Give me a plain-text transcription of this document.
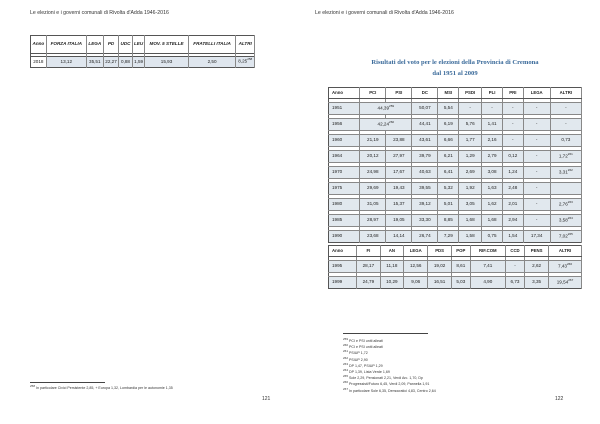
Le elezioni e i governi comunali di Rivolta d'Adda 1946-2016
Anno	FORZA ITALIA	LEGA	PD	UDC	LEU	MOV. 5 STELLE	FRATELLI ITALIA	ALTRI

2018	13,12	35,51	22,27	0,88	1,59	15,93	2,50	8,25$^{258}$
$^{258}$ In particolare Civici Persistente 2,85, + Europa 1,32, Lombardia per le autonomie 1,35
121
Le elezioni e i governi comunali di Rivolta d'Adda 1946-2016
Risultati del voto per le elezioni della Provincia di Cremona
dal 1951 al 2009
Anno	PCI	PSI	DC	MSI	PSDI	PLI	PRI	LEGA	ALTRI

1951	44,39$^{259}$		50,07	5,54	-	-	-	-	-

1956	42,24$^{260}$		44,41	6,19	5,76	1,41	-	-	-

1960	21,19	23,88	43,61	6,66	1,77	2,16	-	-	0,73

1964	20,12	27,97	39,79	6,21	1,29	2,79	0,12	-	1,72$^{261}$

1970	24,98	17,67	40,63	6,41	2,69	3,08	1,24	-	3,31$^{262}$

1975	29,69	19,43	39,55	5,32	1,92	1,63	2,48	-	

1980	31,05	15,37	39,12	5,01	3,05	1,62	2,01	-	2,76$^{263}$

1985	28,97	19,05	33,30	8,85	1,68	1,68	2,94	-	3,58$^{264}$

1990	23,68	14,14	26,74	7,29	1,58	0,75	1,54	17,34	7,02$^{265}$
Anno	FI	AN	LEGA	PDS	POP	RIF.COM	CCD	PENS	ALTRI

1995	28,17	11,18	12,56	19,02	8,61	7,41	-	2,62	7,43$^{266}$

1999	24,79	10,29	9,06	16,51	5,03	4,90	6,73	3,35	19,54$^{267}$
$^{259}$ PCI e PSI uniti alleati
$^{260}$ PCI e PSI uniti alleati
$^{261}$ PSIUP 1,72
$^{262}$ PSIUP 2,90
$^{263}$ DP 1,47, PSIUP 1,29
$^{264}$ DP 1,39, Lista Verde 1,69
$^{265}$ Sole 2,29, Pensionati 2,21, Verdi Arc. 1,70, Dp
$^{266}$ Progressisti/Futuro 6,45, Verdi 2,09, Pannella 1,91
$^{267}$ In particolare Sole 6,35, Democratici 4,83, Centro 2,64
122
